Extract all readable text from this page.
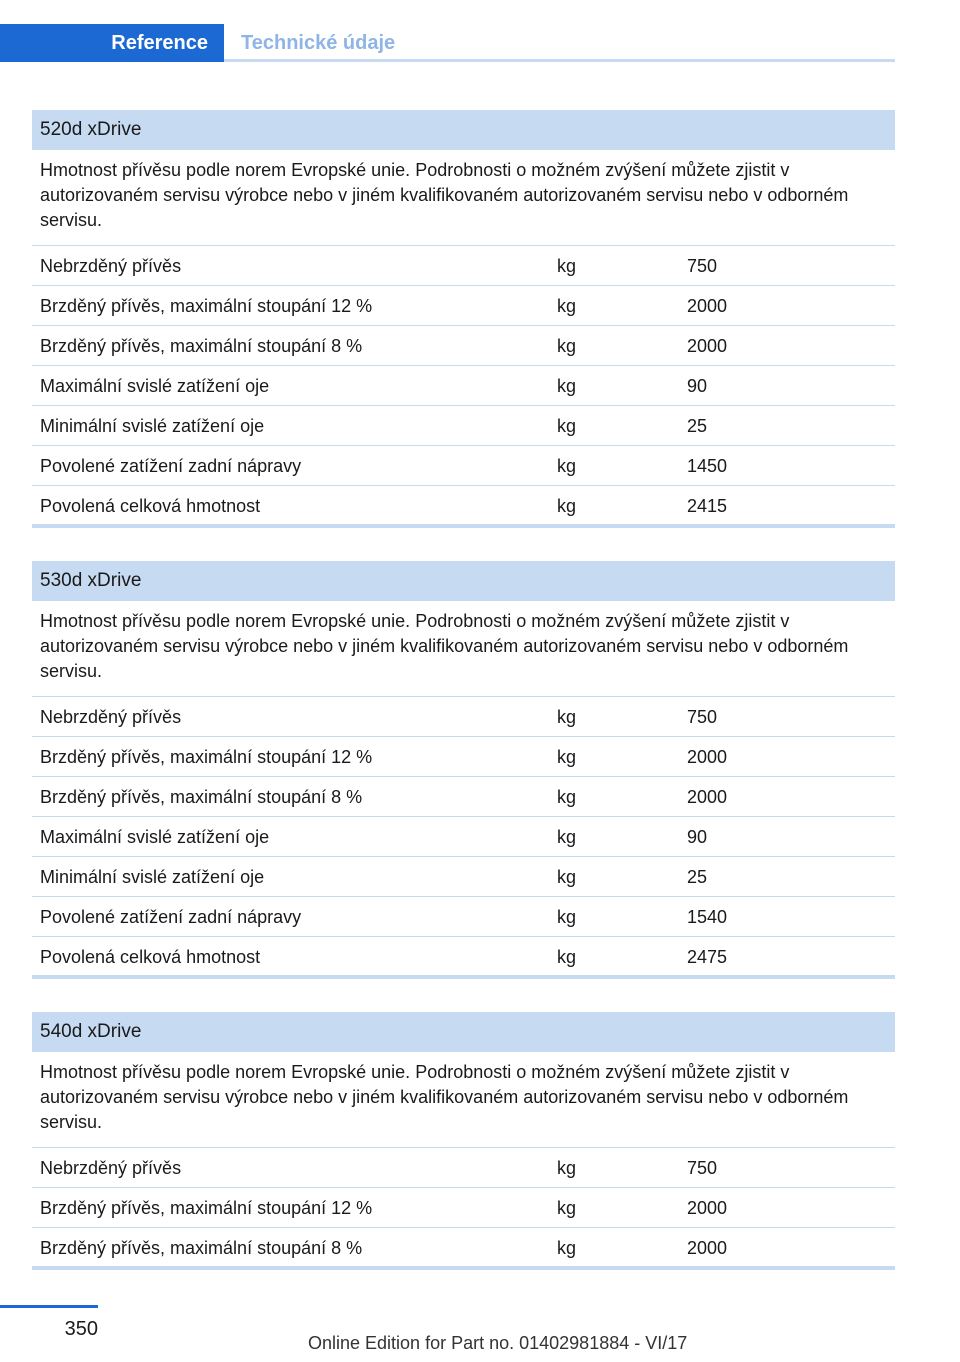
Reference	Technické údaje
520d xDrive
Hmotnost přívěsu podle norem Evropské unie. Podrobnosti o možném zvýšení můžete zjistit v autorizovaném servisu výrobce nebo v jiném kvalifikovaném autorizovaném servisu nebo v odborném servisu.
Nebrzděný přívěs	kg	750
Brzděný přívěs, maximální stoupání 12 %	kg	2000
Brzděný přívěs, maximální stoupání 8 %	kg	2000
Maximální svislé zatížení oje	kg	90
Minimální svislé zatížení oje	kg	25
Povolené zatížení zadní nápravy	kg	1450
Povolená celková hmotnost	kg	2415
530d xDrive
Hmotnost přívěsu podle norem Evropské unie. Podrobnosti o možném zvýšení můžete zjistit v autorizovaném servisu výrobce nebo v jiném kvalifikovaném autorizovaném servisu nebo v odborném servisu.
Nebrzděný přívěs	kg	750
Brzděný přívěs, maximální stoupání 12 %	kg	2000
Brzděný přívěs, maximální stoupání 8 %	kg	2000
Maximální svislé zatížení oje	kg	90
Minimální svislé zatížení oje	kg	25
Povolené zatížení zadní nápravy	kg	1540
Povolená celková hmotnost	kg	2475
540d xDrive
Hmotnost přívěsu podle norem Evropské unie. Podrobnosti o možném zvýšení můžete zjistit v autorizovaném servisu výrobce nebo v jiném kvalifikovaném autorizovaném servisu nebo v odborném servisu.
Nebrzděný přívěs	kg	750
Brzděný přívěs, maximální stoupání 12 %	kg	2000
Brzděný přívěs, maximální stoupání 8 %	kg	2000
350
Online Edition for Part no. 01402981884 - VI/17
